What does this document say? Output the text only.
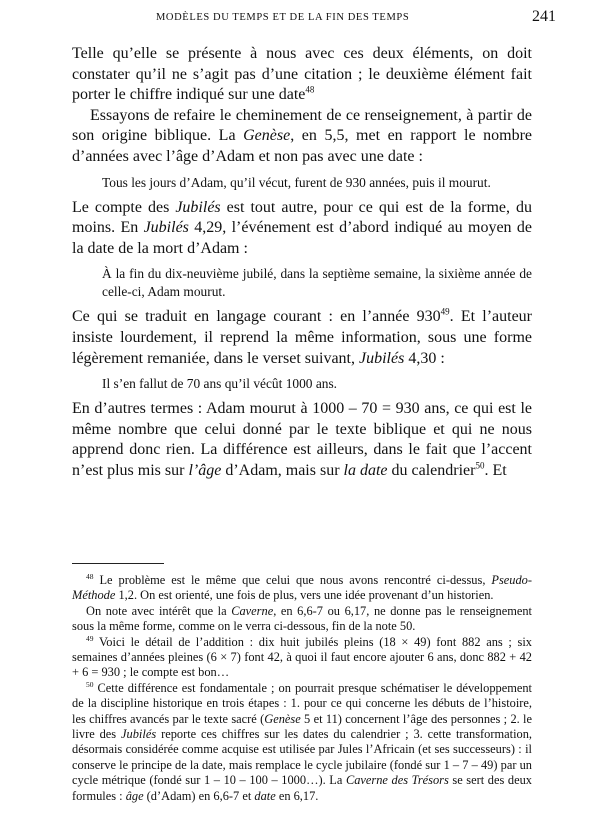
MODÈLES DU TEMPS ET DE LA FIN DES TEMPS	241

Telle qu’elle se présente à nous avec ces deux éléments, on doit constater qu’il ne s’agit pas d’une citation ; le deuxième élément fait porter le chiffre indiqué sur une date$^{48}$

Essayons de refaire le cheminement de ce renseignement, à partir de son origine biblique. La Genèse, en 5,5, met en rapport le nombre d’années avec l’âge d’Adam et non pas avec une date :

Tous les jours d’Adam, qu’il vécut, furent de 930 années, puis il mourut.

Le compte des Jubilés est tout autre, pour ce qui est de la forme, du moins. En Jubilés 4,29, l’événement est d’abord indiqué au moyen de la date de la mort d’Adam :

À la fin du dix-neuvième jubilé, dans la septième semaine, la sixième année de celle-ci, Adam mourut.

Ce qui se traduit en langage courant : en l’année $930^{49}$. Et l’auteur insiste lourdement, il reprend la même information, sous une forme légèrement remaniée, dans le verset suivant, Jubilés 4,30 :

Il s’en fallut de 70 ans qu’il vécût 1000 ans.

En d’autres termes : Adam mourut à 1000 – 70 = 930 ans, ce qui est le même nombre que celui donné par le texte biblique et qui ne nous apprend donc rien. La différence est ailleurs, dans le fait que l’accent n’est plus mis sur l’âge d’Adam, mais sur la date du calendrier$^{50}$. Et

$^{48}$ Le problème est le même que celui que nous avons rencontré ci-dessus, Pseudo-Méthode 1,2. On est orienté, une fois de plus, vers une idée provenant d’un historien.

On note avec intérêt que la Caverne, en 6,6-7 ou 6,17, ne donne pas le renseignement sous la même forme, comme on le verra ci-dessous, fin de la note 50.

$^{49}$ Voici le détail de l’addition : dix huit jubilés pleins (18 × 49) font 882 ans ; six semaines d’années pleines (6 × 7) font 42, à quoi il faut encore ajouter 6 ans, donc 882 + 42 + 6 = 930 ; le compte est bon…

$^{50}$ Cette différence est fondamentale ; on pourrait presque schématiser le développement de la discipline historique en trois étapes : 1. pour ce qui concerne les débuts de l’histoire, les chiffres avancés par le texte sacré (Genèse 5 et 11) concernent l’âge des personnes ; 2. le livre des Jubilés reporte ces chiffres sur les dates du calendrier ; 3. cette transformation, désormais considérée comme acquise est utilisée par Jules l’Africain (et ses successeurs) : il conserve le principe de la date, mais remplace le cycle jubilaire (fondé sur 1 – 7 – 49) par un cycle métrique (fondé sur 1 – 10 – 100 – 1000…). La Caverne des Trésors se sert des deux formules : âge (d’Adam) en 6,6-7 et date en 6,17.
